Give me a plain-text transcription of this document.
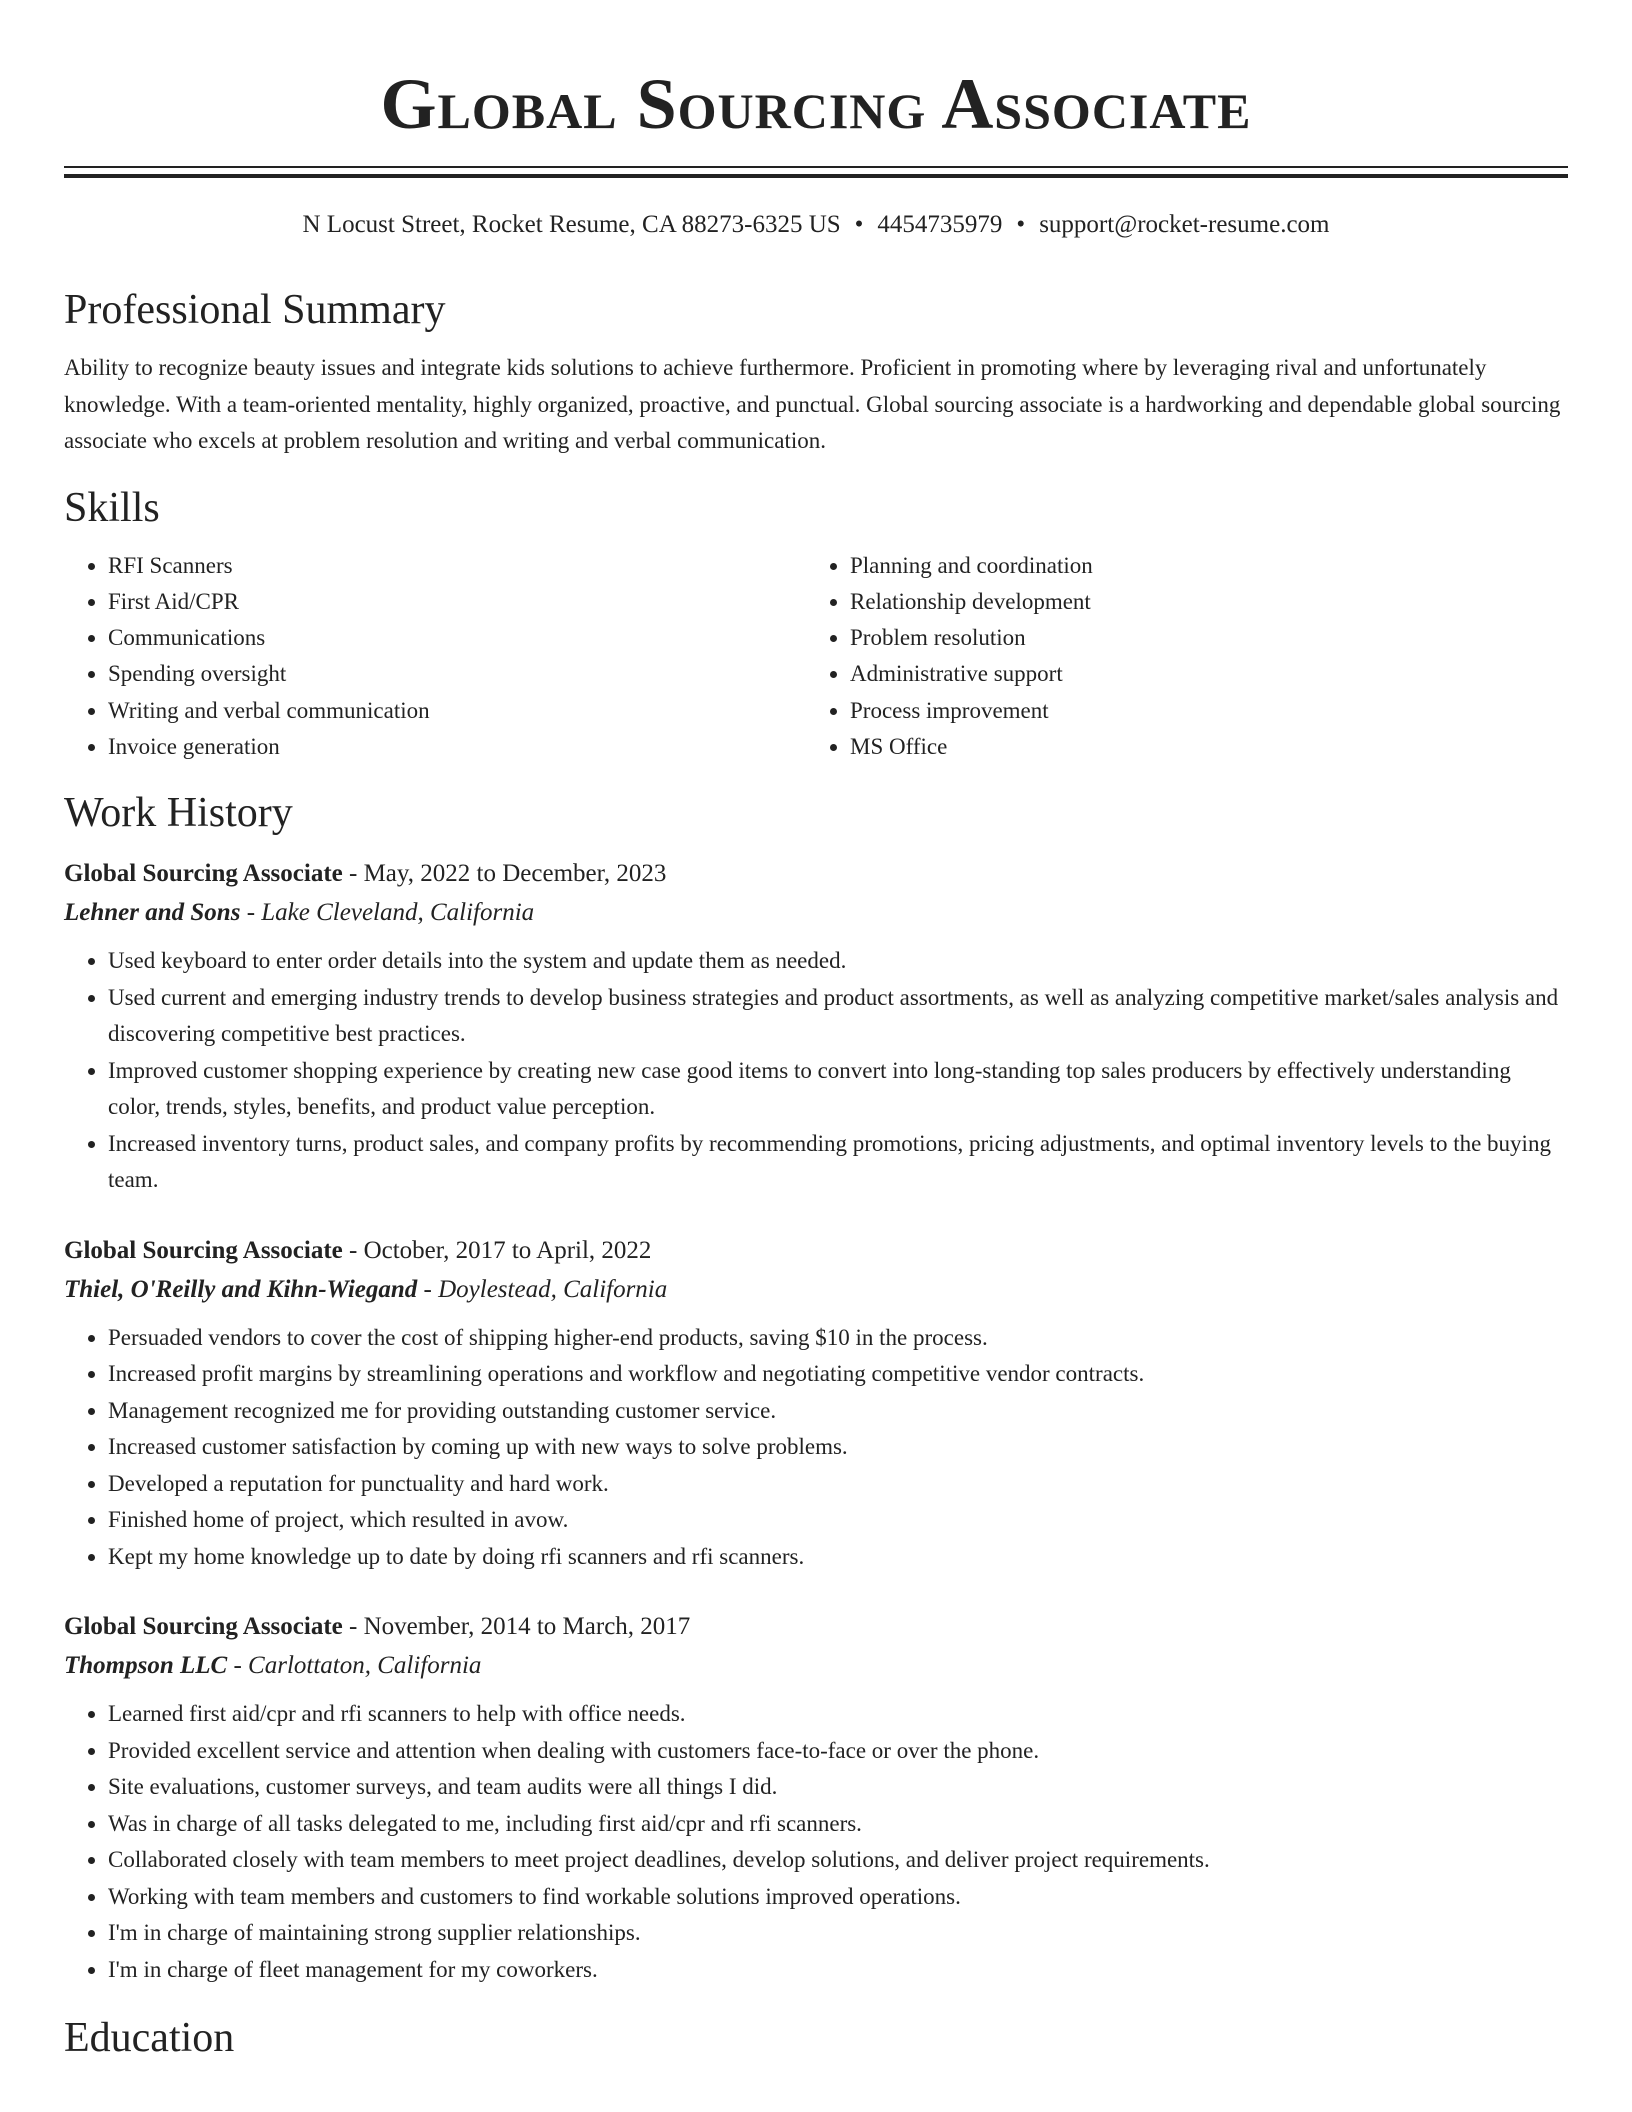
Global Sourcing Associate
N Locust Street, Rocket Resume, CA 88273-6325 US • 4454735979 • support@rocket-resume.com
Professional Summary
Ability to recognize beauty issues and integrate kids solutions to achieve furthermore. Proficient in promoting where by leveraging rival and unfortunately knowledge. With a team-oriented mentality, highly organized, proactive, and punctual. Global sourcing associate is a hardworking and dependable global sourcing associate who excels at problem resolution and writing and verbal communication.
Skills
• RFI Scanners
• First Aid/CPR
• Communications
• Spending oversight
• Writing and verbal communication
• Invoice generation
• Planning and coordination
• Relationship development
• Problem resolution
• Administrative support
• Process improvement
• MS Office
Work History
Global Sourcing Associate - May, 2022 to December, 2023
Lehner and Sons - Lake Cleveland, California
• Used keyboard to enter order details into the system and update them as needed.
• Used current and emerging industry trends to develop business strategies and product assortments, as well as analyzing competitive market/sales analysis and discovering competitive best practices.
• Improved customer shopping experience by creating new case good items to convert into long-standing top sales producers by effectively understanding color, trends, styles, benefits, and product value perception.
• Increased inventory turns, product sales, and company profits by recommending promotions, pricing adjustments, and optimal inventory levels to the buying team.
Global Sourcing Associate - October, 2017 to April, 2022
Thiel, O'Reilly and Kihn-Wiegand - Doylestead, California
• Persuaded vendors to cover the cost of shipping higher-end products, saving $10 in the process.
• Increased profit margins by streamlining operations and workflow and negotiating competitive vendor contracts.
• Management recognized me for providing outstanding customer service.
• Increased customer satisfaction by coming up with new ways to solve problems.
• Developed a reputation for punctuality and hard work.
• Finished home of project, which resulted in avow.
• Kept my home knowledge up to date by doing rfi scanners and rfi scanners.
Global Sourcing Associate - November, 2014 to March, 2017
Thompson LLC - Carlottaton, California
• Learned first aid/cpr and rfi scanners to help with office needs.
• Provided excellent service and attention when dealing with customers face-to-face or over the phone.
• Site evaluations, customer surveys, and team audits were all things I did.
• Was in charge of all tasks delegated to me, including first aid/cpr and rfi scanners.
• Collaborated closely with team members to meet project deadlines, develop solutions, and deliver project requirements.
• Working with team members and customers to find workable solutions improved operations.
• I'm in charge of maintaining strong supplier relationships.
• I'm in charge of fleet management for my coworkers.
Education
